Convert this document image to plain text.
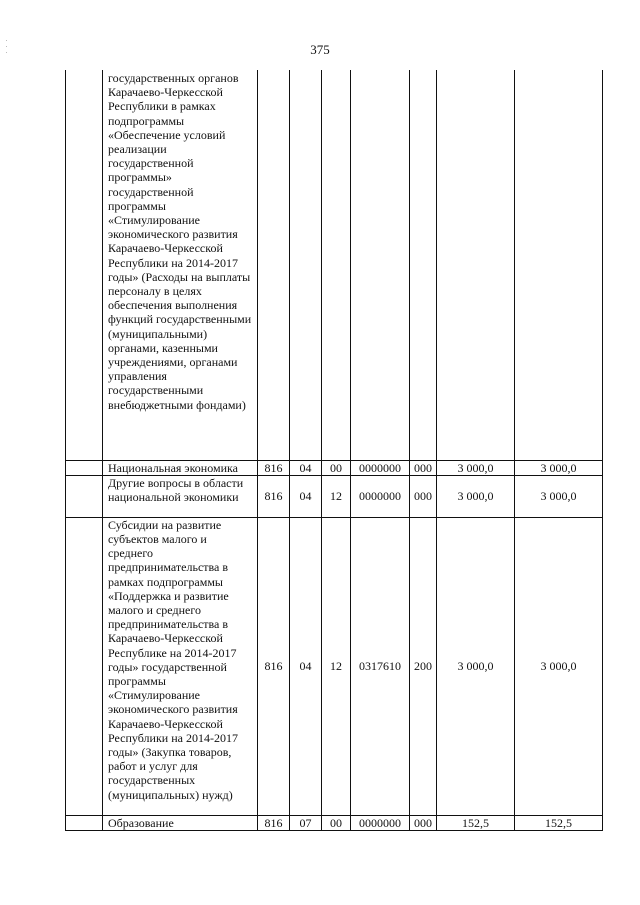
375
	государственных органов Карачаево-Черкесской Республики в рамках подпрограммы «Обеспечение условий реализации государственной программы» государственной программы «Стимулирование экономического развития Карачаево-Черкесской Республики на 2014-2017 годы» (Расходы на выплаты персоналу в целях обеспечения выполнения функций государственными (муниципальными) органами, казенными учреждениями, органами управления государственными внебюджетными фондами)							
	Национальная экономика	816	04	00	0000000	000	3 000,0	3 000,0
	Другие вопросы в области национальной экономики	816	04	12	0000000	000	3 000,0	3 000,0
	Субсидии на развитие субъектов малого и среднего предпринимательства в рамках подпрограммы «Поддержка и развитие малого и среднего предпринимательства в Карачаево-Черкесской Республике на 2014-2017 годы» государственной программы «Стимулирование экономического развития Карачаево-Черкесской Республики на 2014-2017 годы» (Закупка товаров, работ и услуг для государственных (муниципальных) нужд)	816	04	12	0317610	200	3 000,0	3 000,0
	Образование	816	07	00	0000000	000	152,5	152,5
